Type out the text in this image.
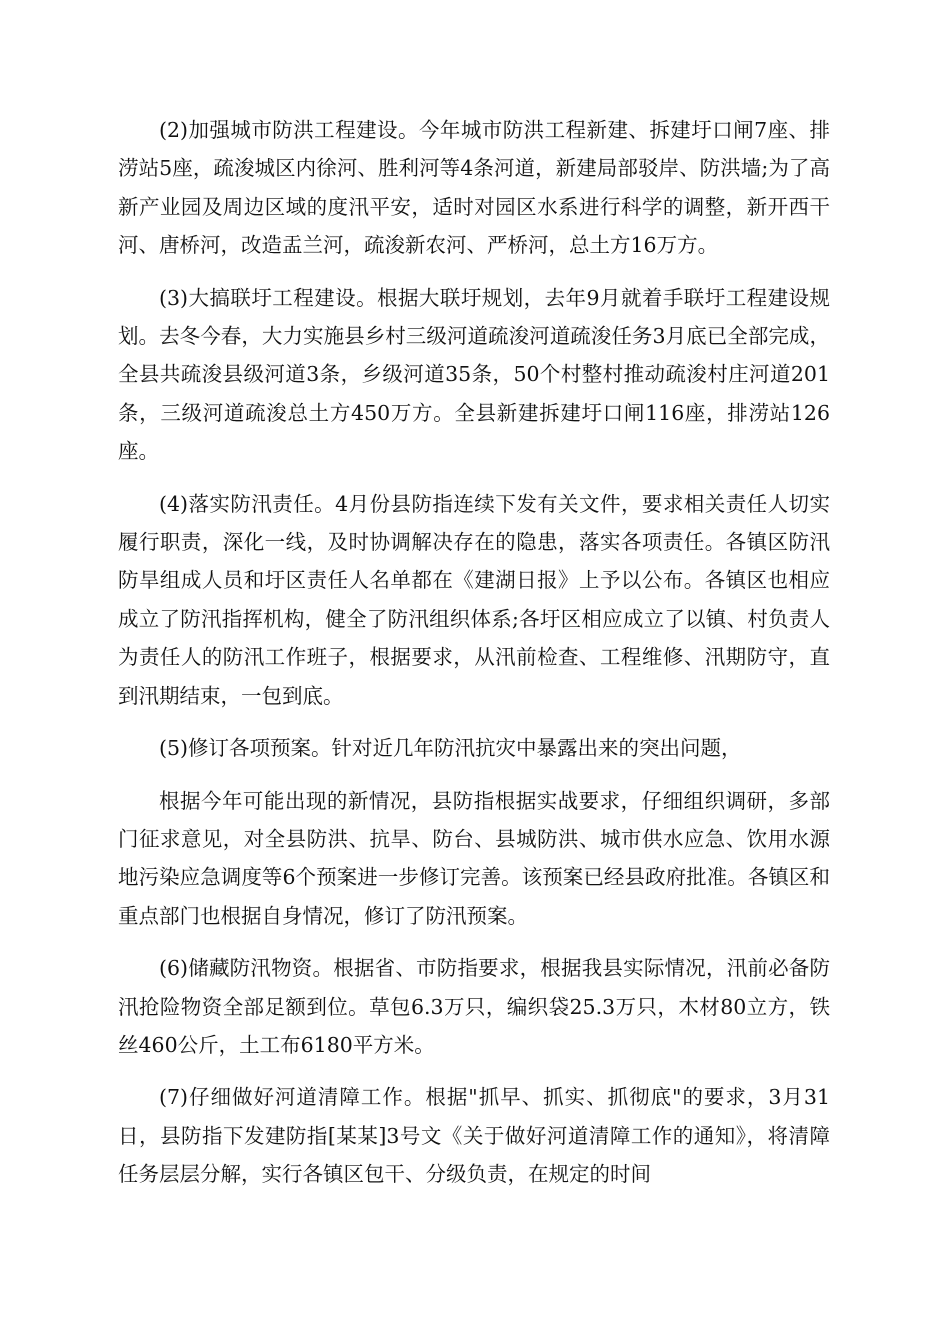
(2)加强城市防洪工程建设。今年城市防洪工程新建、拆建圩口闸7座、排涝站5座，疏浚城区内徐河、胜利河等4条河道，新建局部驳岸、防洪墙;为了高新产业园及周边区域的度汛平安，适时对园区水系进行科学的调整，新开西干河、唐桥河，改造盂兰河，疏浚新农河、严桥河，总土方16万方。

(3)大搞联圩工程建设。根据大联圩规划，去年9月就着手联圩工程建设规划。去冬今春，大力实施县乡村三级河道疏浚河道疏浚任务3月底已全部完成，全县共疏浚县级河道3条，乡级河道35条，50个村整村推动疏浚村庄河道201条，三级河道疏浚总土方450万方。全县新建拆建圩口闸116座，排涝站126座。

(4)落实防汛责任。4月份县防指连续下发有关文件，要求相关责任人切实履行职责，深化一线，及时协调解决存在的隐患，落实各项责任。各镇区防汛防旱组成人员和圩区责任人名单都在《建湖日报》上予以公布。各镇区也相应成立了防汛指挥机构，健全了防汛组织体系;各圩区相应成立了以镇、村负责人为责任人的防汛工作班子，根据要求，从汛前检查、工程维修、汛期防守，直到汛期结束，一包到底。

(5)修订各项预案。针对近几年防汛抗灾中暴露出来的突出问题，

根据今年可能出现的新情况，县防指根据实战要求，仔细组织调研，多部门征求意见，对全县防洪、抗旱、防台、县城防洪、城市供水应急、饮用水源地污染应急调度等6个预案进一步修订完善。该预案已经县政府批准。各镇区和重点部门也根据自身情况，修订了防汛预案。

(6)储藏防汛物资。根据省、市防指要求，根据我县实际情况，汛前必备防汛抢险物资全部足额到位。草包6.3万只，编织袋25.3万只，木材80立方，铁丝460公斤，土工布6180平方米。

(7)仔细做好河道清障工作。根据"抓早、抓实、抓彻底"的要求，3月31日，县防指下发建防指[某某]3号文《关于做好河道清障工作的通知》，将清障任务层层分解，实行各镇区包干、分级负责，在规定的时间
